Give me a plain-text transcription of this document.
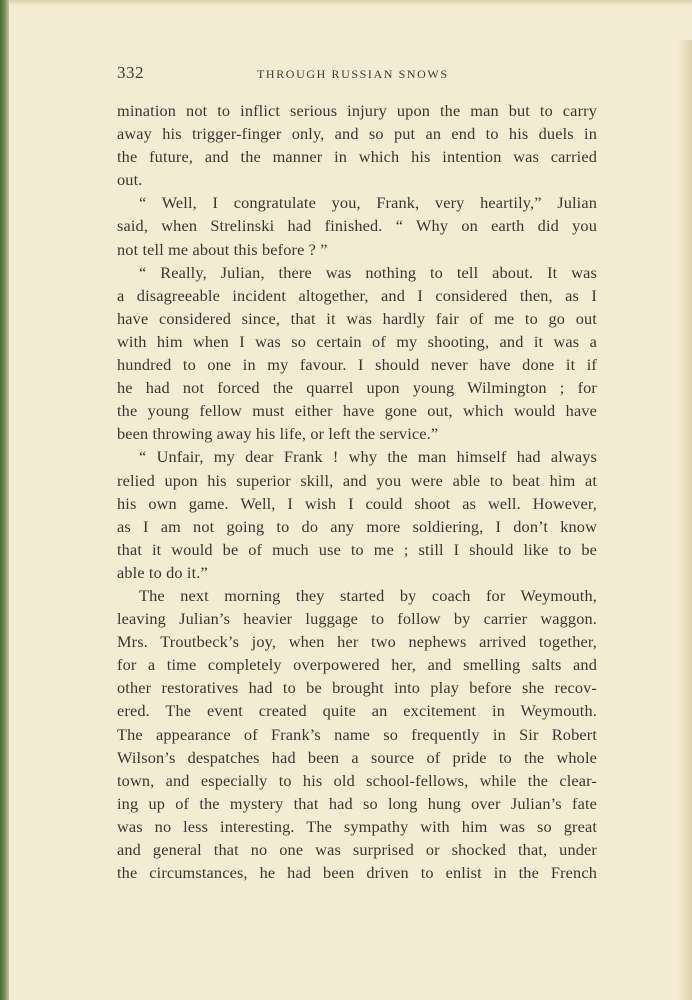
332	THROUGH RUSSIAN SNOWS
mination not to inflict serious injury upon the man but to carry
away his trigger-finger only, and so put an end to his duels in
the future, and the manner in which his intention was carried
out.
“ Well, I congratulate you, Frank, very heartily,” Julian
said, when Strelinski had finished. “ Why on earth did you
not tell me about this before ? ”
“ Really, Julian, there was nothing to tell about. It was
a disagreeable incident altogether, and I considered then, as I
have considered since, that it was hardly fair of me to go out
with him when I was so certain of my shooting, and it was a
hundred to one in my favour. I should never have done it if
he had not forced the quarrel upon young Wilmington ; for
the young fellow must either have gone out, which would have
been throwing away his life, or left the service.”
“ Unfair, my dear Frank ! why the man himself had always
relied upon his superior skill, and you were able to beat him at
his own game. Well, I wish I could shoot as well. However,
as I am not going to do any more soldiering, I don’t know
that it would be of much use to me ; still I should like to be
able to do it.”
The next morning they started by coach for Weymouth,
leaving Julian’s heavier luggage to follow by carrier waggon.
Mrs. Troutbeck’s joy, when her two nephews arrived together,
for a time completely overpowered her, and smelling salts and
other restoratives had to be brought into play before she recov-
ered. The event created quite an excitement in Weymouth.
The appearance of Frank’s name so frequently in Sir Robert
Wilson’s despatches had been a source of pride to the whole
town, and especially to his old school-fellows, while the clear-
ing up of the mystery that had so long hung over Julian’s fate
was no less interesting. The sympathy with him was so great
and general that no one was surprised or shocked that, under
the circumstances, he had been driven to enlist in the French
